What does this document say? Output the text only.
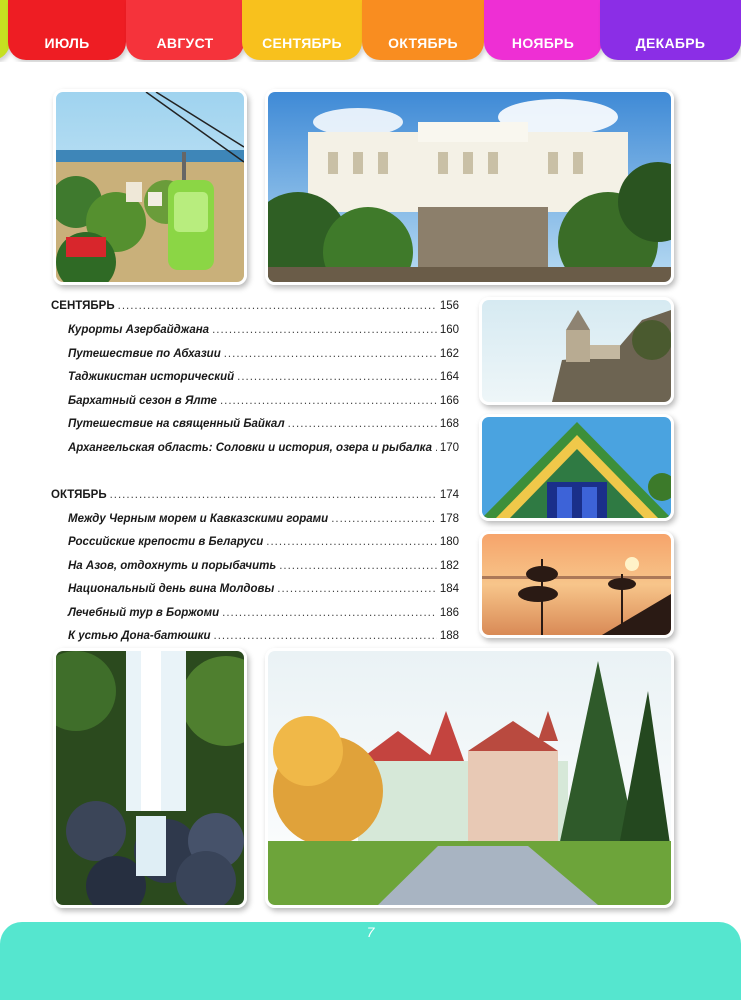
ИЮЛЬ	АВГУСТ	СЕНТЯБРЬ	ОКТЯБРЬ	НОЯБРЬ	ДЕКАБРЬ
СЕНТЯБРЬ .....	156
Курорты Азербайджана .....	160
Путешествие по Абхазии .....	162
Таджикистан исторический .....	164
Бархатный сезон в Ялте .....	166
Путешествие на священный Байкал .....	168
Архангельская область: Соловки и история, озера и рыбалка ..... 170
ОКТЯБРЬ .....	174
Между Черным морем и Кавказскими горами .....	178
Российские крепости в Беларуси .....	180
На Азов, отдохнуть и порыбачить .....	182
Национальный день вина Молдовы .....	184
Лечебный тур в Боржоми .....	186
К устью Дона-батюшки .....	188
7
